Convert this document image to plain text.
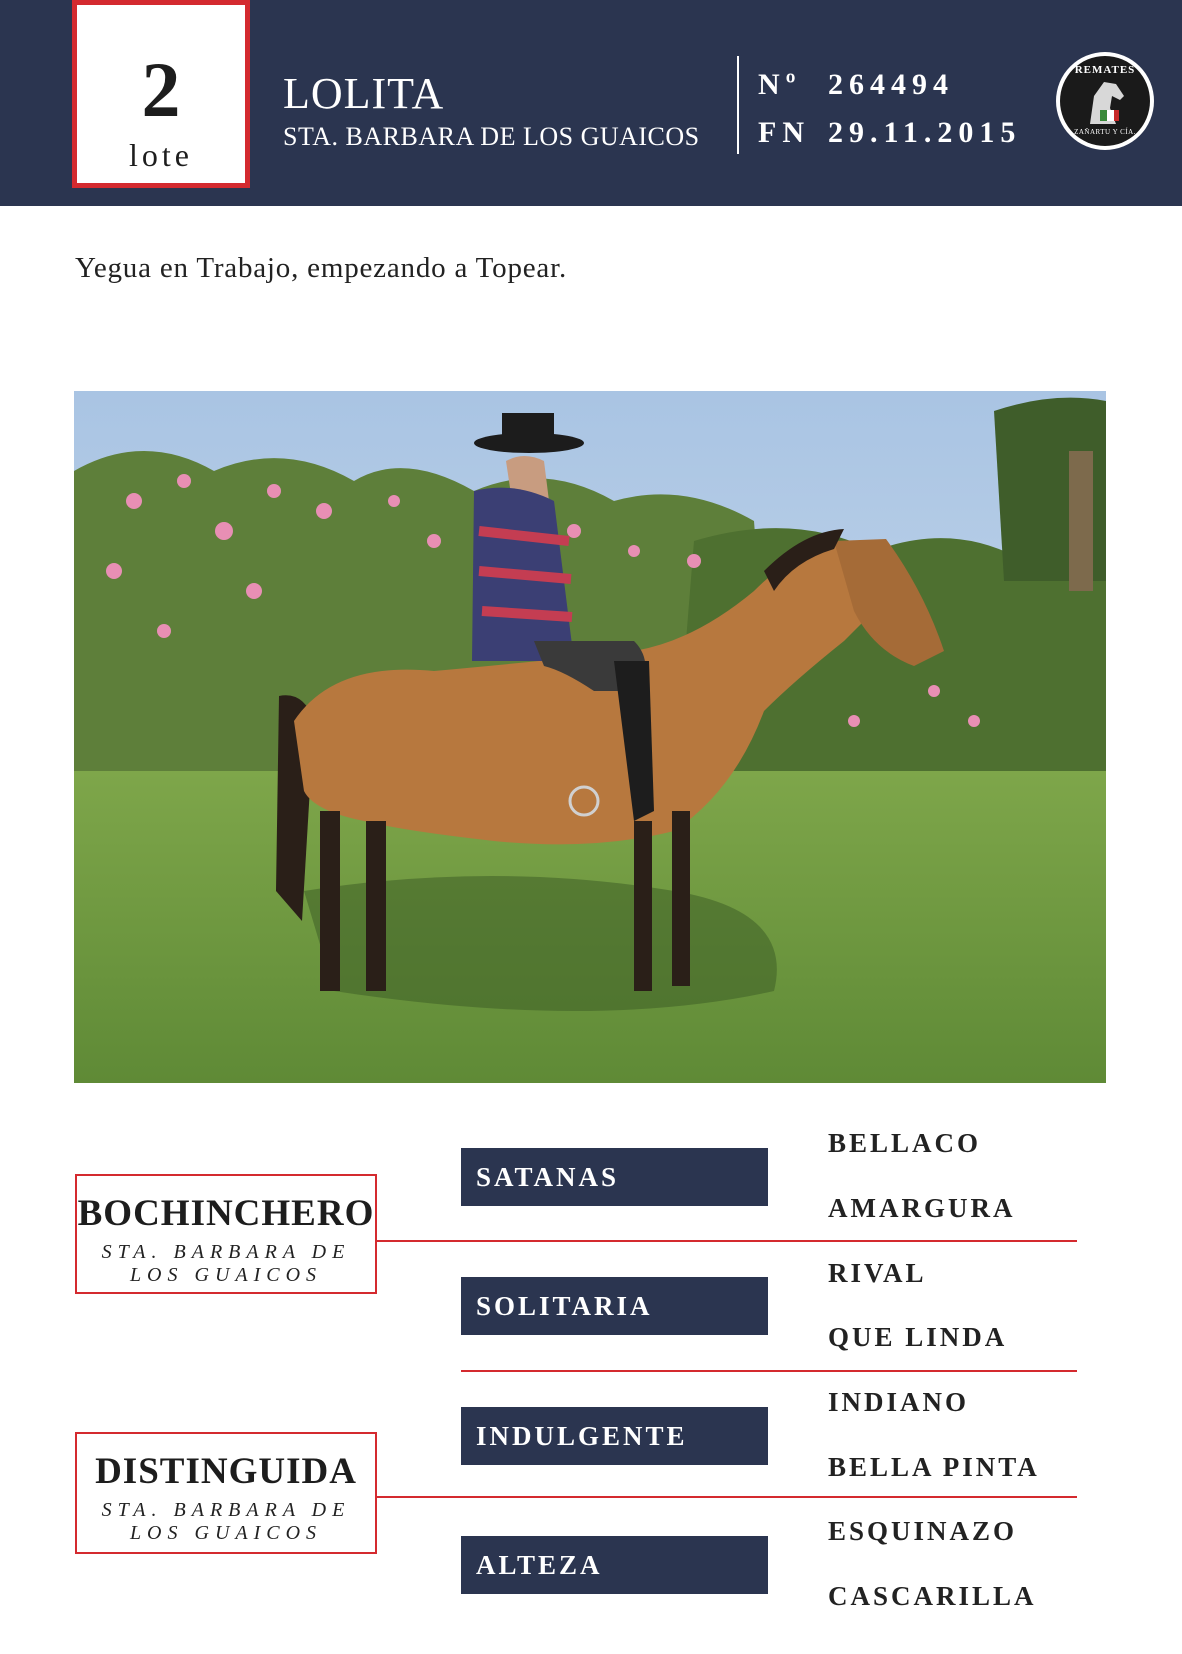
2
lote
LOLITA
STA. BARBARA DE LOS GUAICOS
Nº 264494
FN 29.11.2015
REMATES
ZAÑARTU Y CÍA.
Yegua en Trabajo, empezando a Topear.
BOCHINCHERO
STA. BARBARA DE LOS GUAICOS
DISTINGUIDA
STA. BARBARA DE LOS GUAICOS
SATANAS
SOLITARIA
INDULGENTE
ALTEZA
BELLACO
AMARGURA
RIVAL
QUE LINDA
INDIANO
BELLA PINTA
ESQUINAZO
CASCARILLA
